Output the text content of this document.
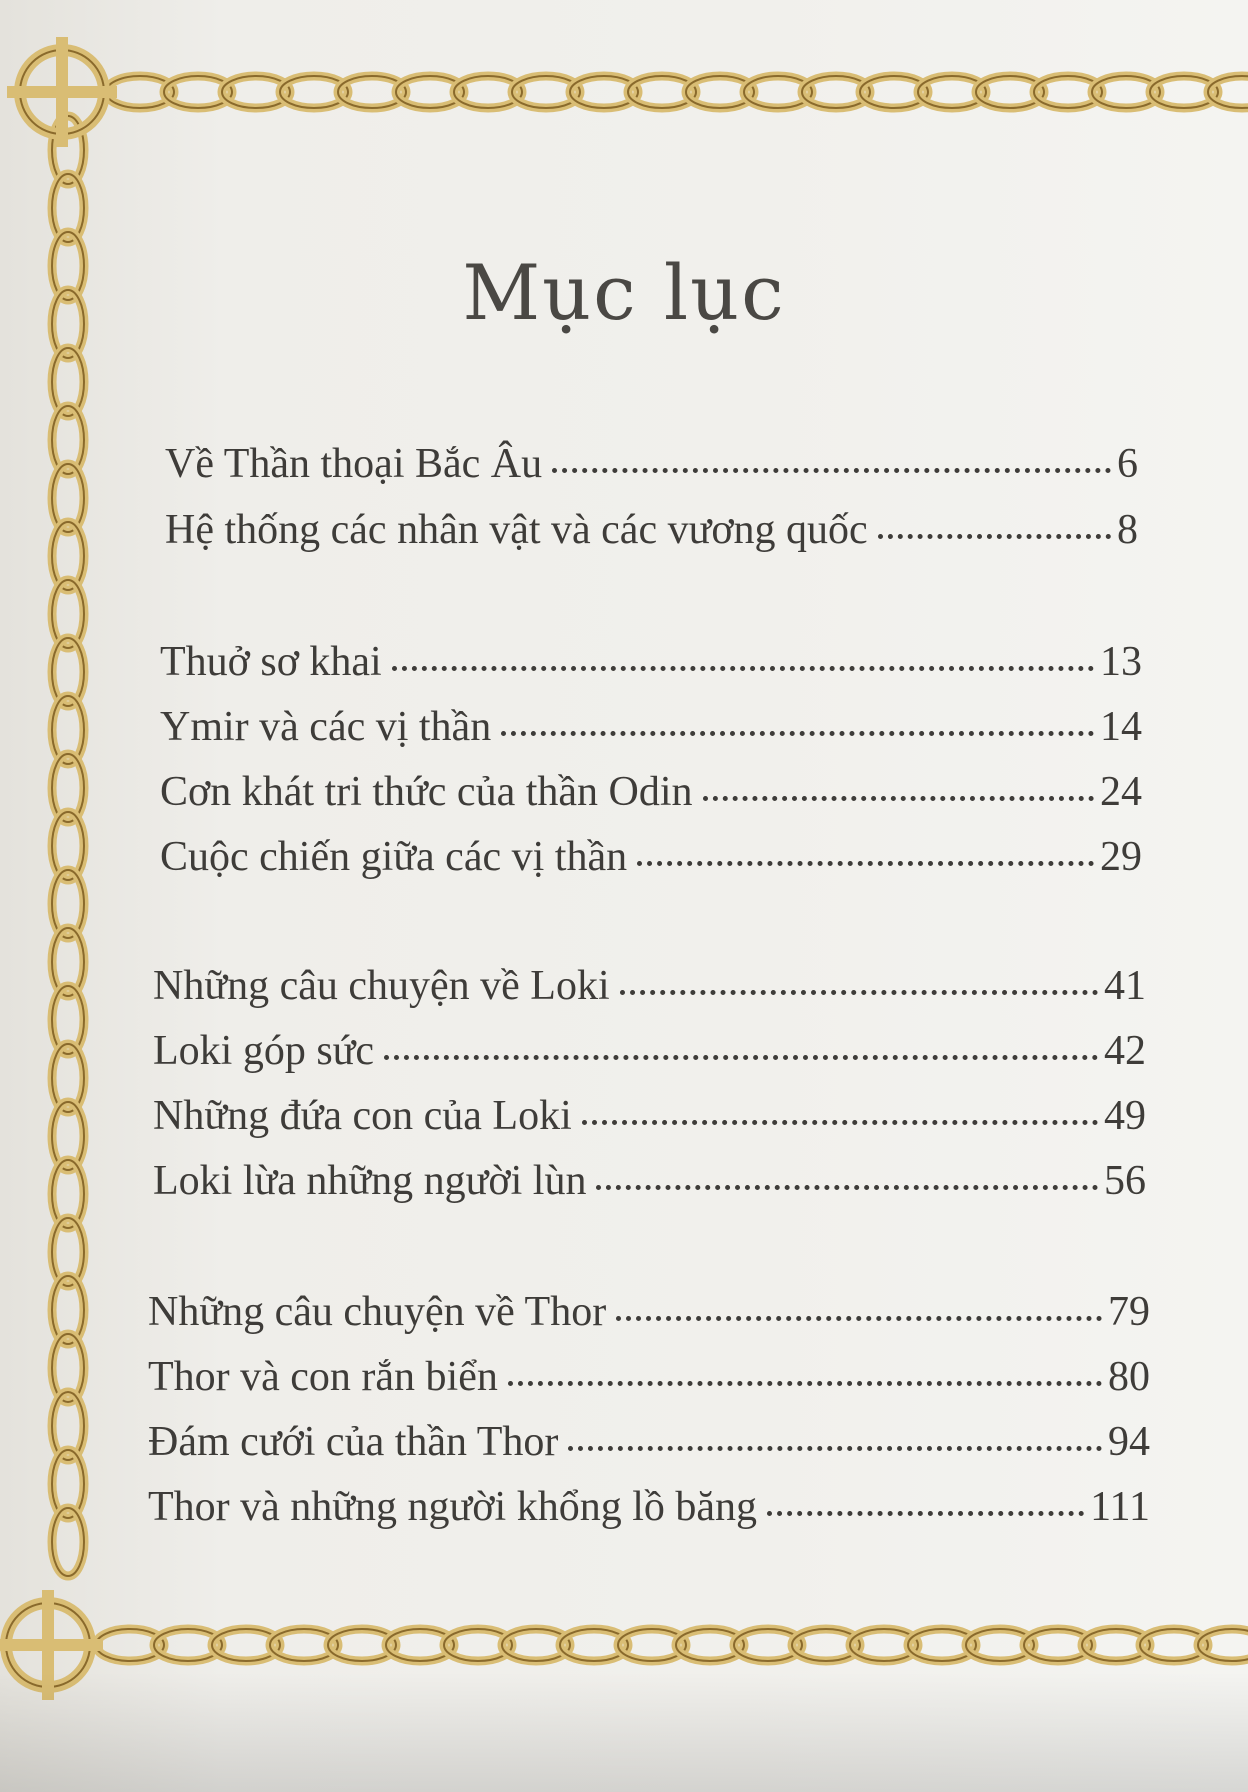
Mục lục
Về Thần thoại Bắc Âu	6
Hệ thống các nhân vật và các vương quốc	8
Thuở sơ khai	13
Ymir và các vị thần	14
Cơn khát tri thức của thần Odin	24
Cuộc chiến giữa các vị thần	29
Những câu chuyện về Loki	41
Loki góp sức	42
Những đứa con của Loki	49
Loki lừa những người lùn	56
Những câu chuyện về Thor	79
Thor và con rắn biển	80
Đám cưới của thần Thor	94
Thor và những người khổng lồ băng	111
